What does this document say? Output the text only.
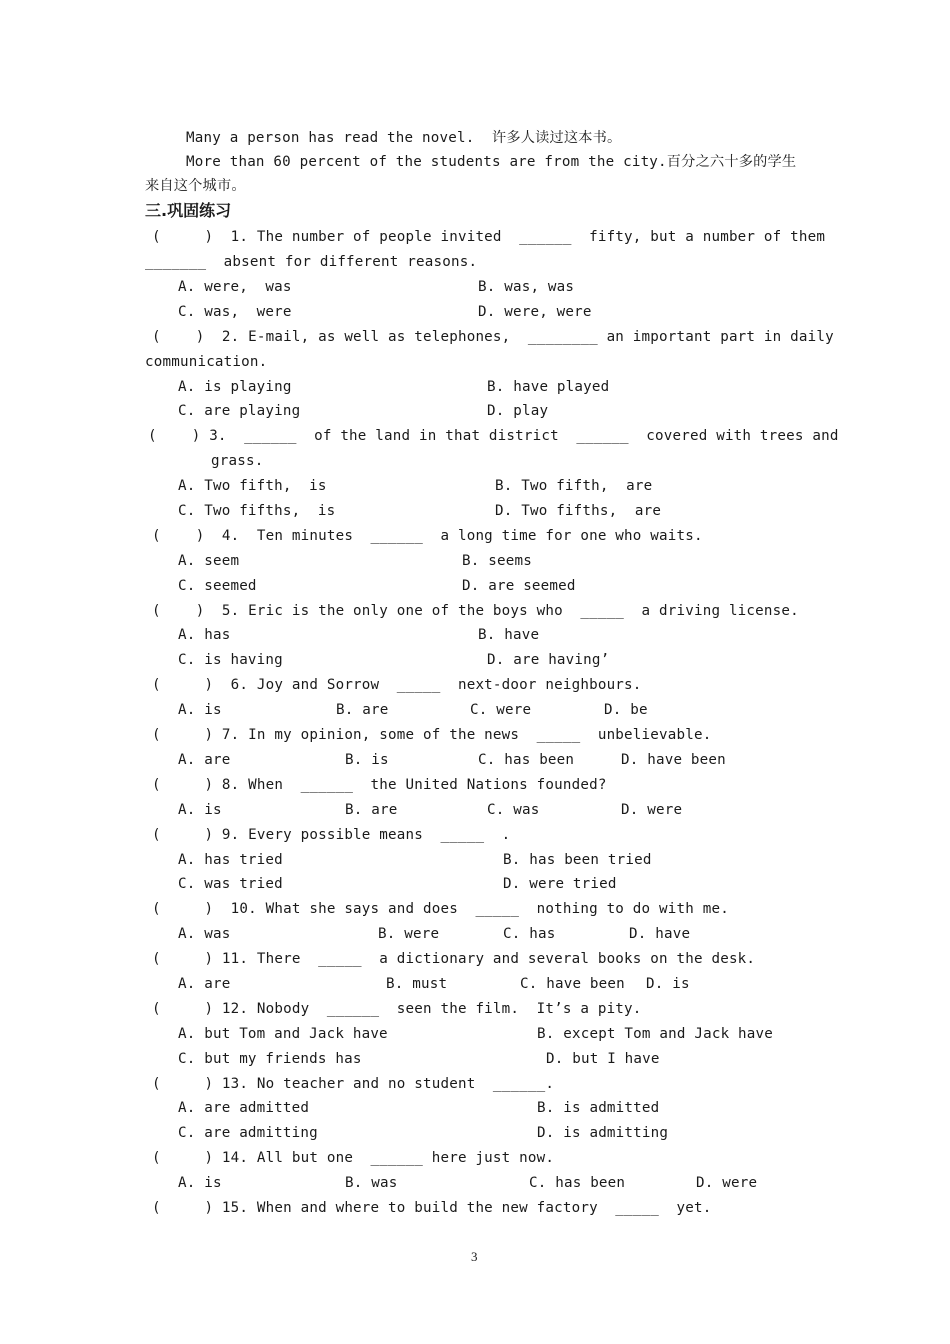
Many a person has read the novel.  许多人读过这本书。
More than 60 percent of the students are from the city.百分之六十多的学生
来自这个城市。
三.巩固练习
(     )  1. The number of people invited  ______  fifty, but a number of them
_______  absent for different reasons.
A. were,  was	B. was, was
C. was,  were	D. were, were
(    )  2. E-mail, as well as telephones,  ________ an important part in daily
communication.
A. is playing	B. have played
C. are playing	D. play
(    ) 3.  ______  of the land in that district  ______  covered with trees and
grass.
A. Two fifth,  is	B. Two fifth,  are
C. Two fifths,  is	D. Two fifths,  are
(    )  4.  Ten minutes  ______  a long time for one who waits.
A. seem	B. seems
C. seemed	D. are seemed
(    )  5. Eric is the only one of the boys who  _____  a driving license.
A. has	B. have
C. is having	D. are having’
(     )  6. Joy and Sorrow  _____  next-door neighbours.
A. is	B. are	C. were	D. be
(     ) 7. In my opinion, some of the news  _____  unbelievable.
A. are	B. is	C. has been	D. have been
(     ) 8. When  ______  the United Nations founded?
A. is	B. are	C. was	D. were
(     ) 9. Every possible means  _____  .
A. has tried	B. has been tried
C. was tried	D. were tried
(     )  10. What she says and does  _____  nothing to do with me.
A. was	B. were	C. has	D. have
(     ) 11. There  _____  a dictionary and several books on the desk.
A. are	B. must	C. have been D. is
(     ) 12. Nobody  ______  seen the film.  It’s a pity.
A. but Tom and Jack have	B. except Tom and Jack have
C. but my friends has	D. but I have
(     ) 13. No teacher and no student  ______.
A. are admitted	B. is admitted
C. are admitting	D. is admitting
(     ) 14. All but one  ______ here just now.
A. is	B. was	C. has been	D. were
(     ) 15. When and where to build the new factory  _____  yet.
3
